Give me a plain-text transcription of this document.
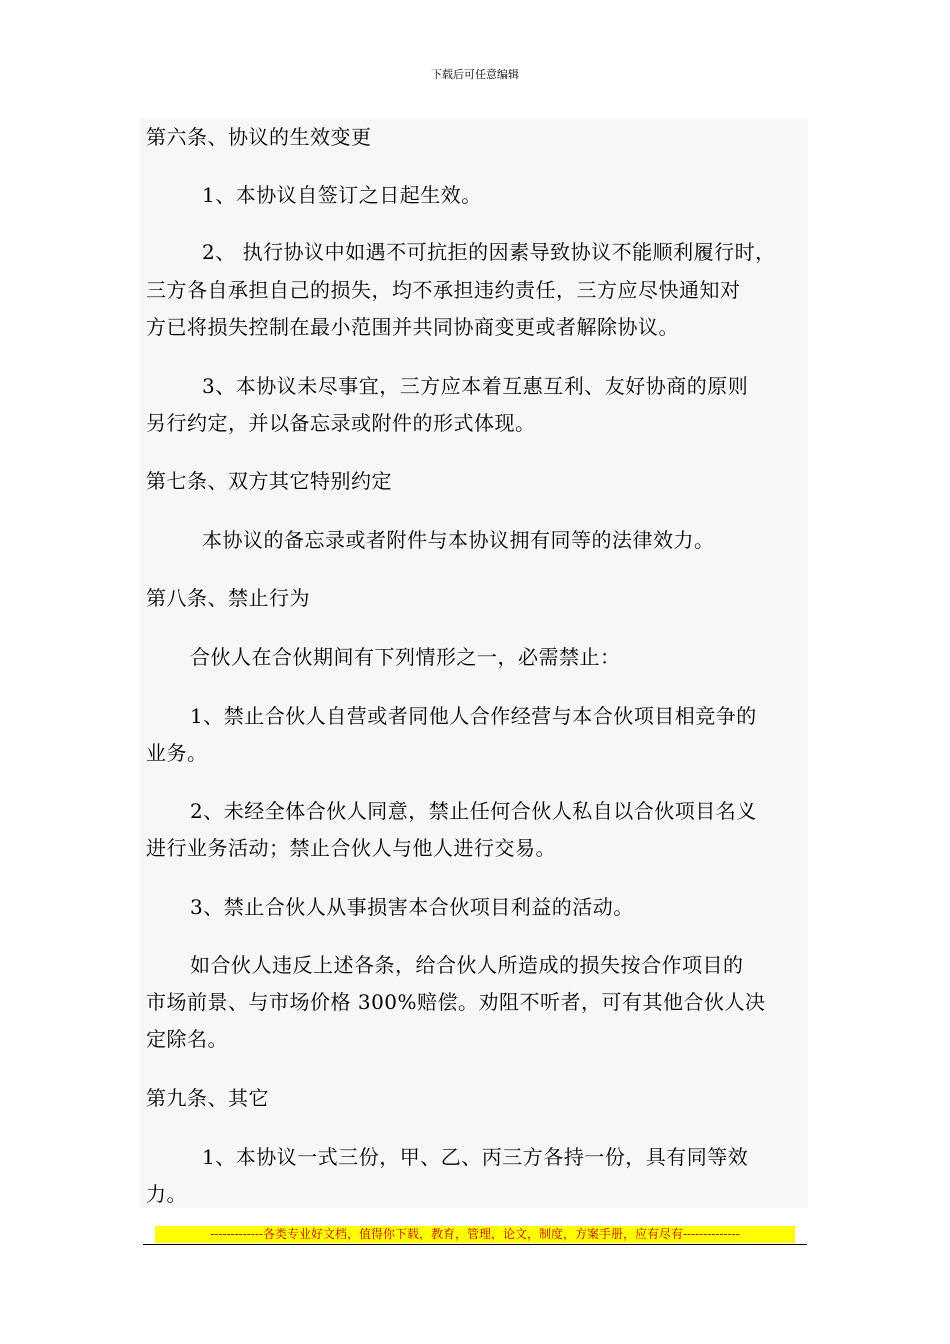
下载后可任意编辑
第六条、协议的生效变更
1、本协议自签订之日起生效。
2、 执行协议中如遇不可抗拒的因素导致协议不能顺利履行时，
三方各自承担自己的损失，均不承担违约责任，三方应尽快通知对
方已将损失控制在最小范围并共同协商变更或者解除协议。
3、本协议未尽事宜，三方应本着互惠互利、友好协商的原则
另行约定，并以备忘录或附件的形式体现。
第七条、双方其它特别约定
本协议的备忘录或者附件与本协议拥有同等的法律效力。
第八条、禁止行为
合伙人在合伙期间有下列情形之一，必需禁止：
1、禁止合伙人自营或者同他人合作经营与本合伙项目相竞争的
业务。
2、未经全体合伙人同意，禁止任何合伙人私自以合伙项目名义
进行业务活动；禁止合伙人与他人进行交易。
3、禁止合伙人从事损害本合伙项目利益的活动。
如合伙人违反上述各条，给合伙人所造成的损失按合作项目的
市场前景、与市场价格 300%赔偿。劝阻不听者，可有其他合伙人决
定除名。
第九条、其它
1、本协议一式三份，甲、乙、丙三方各持一份，具有同等效
力。
-------------各类专业好文档，值得你下载，教育，管理，论文，制度，方案手册，应有尽有--------------
